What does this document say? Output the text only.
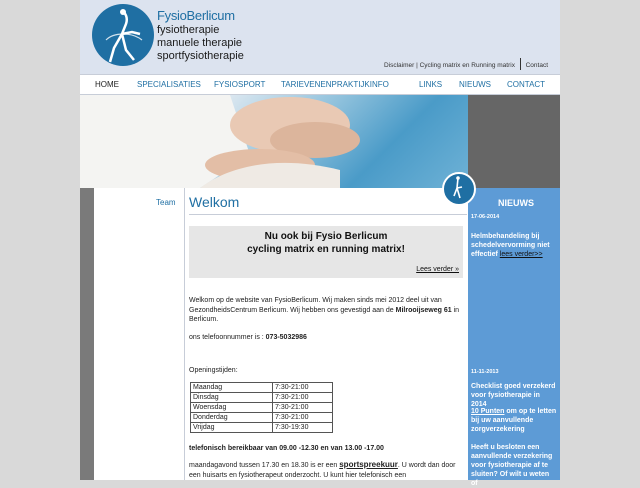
FysioBerlicum
fysiotherapie
manuele therapie
sportfysiotherapie
Disclaimer | Cycling matrix en Running matrix Contact
HOME SPECIALISATIES FYSIOSPORT TARIEVENENPRAKTIJKINFO	LINKS NIEUWS CONTACT
Team Welkom
Nu ook bij Fysio Berlicum
cycling matrix en running matrix!
Lees verder »
Welkom op de website van FysioBerlicum. Wij maken sinds mei 2012 deel uit van GezondheidsCentrum Berlicum. Wij hebben ons gevestigd aan de Milrooijseweg 61 in Berlicum.
ons telefoonnummer is : 073-5032986
Openingstijden:
Maandag	7:30-21:00
Dinsdag	7:30-21:00
Woensdag	7:30-21:00
Donderdag	7:30-21:00
Vrijdag	7:30-19:30
telefonisch bereikbaar van 09.00 -12.30 en van 13.00 -17.00
maandagavond tussen 17.30 en 18.30 is er een sportspreekuur. U wordt dan door een huisarts en fysiotherapeut onderzocht. U kunt hier telefonisch een
NIEUWS
17-06-2014
Helmbehandeling bij schedelvervorming niet effectief lees verder>>
11-11-2013
Checklist goed verzekerd voor fysiotherapie in 2014
10 Punten om op te letten bij uw aanvullende zorgverzekering
Heeft u besloten een aanvullende verzekering voor fysiotherapie af te sluiten? Of wilt u weten of
